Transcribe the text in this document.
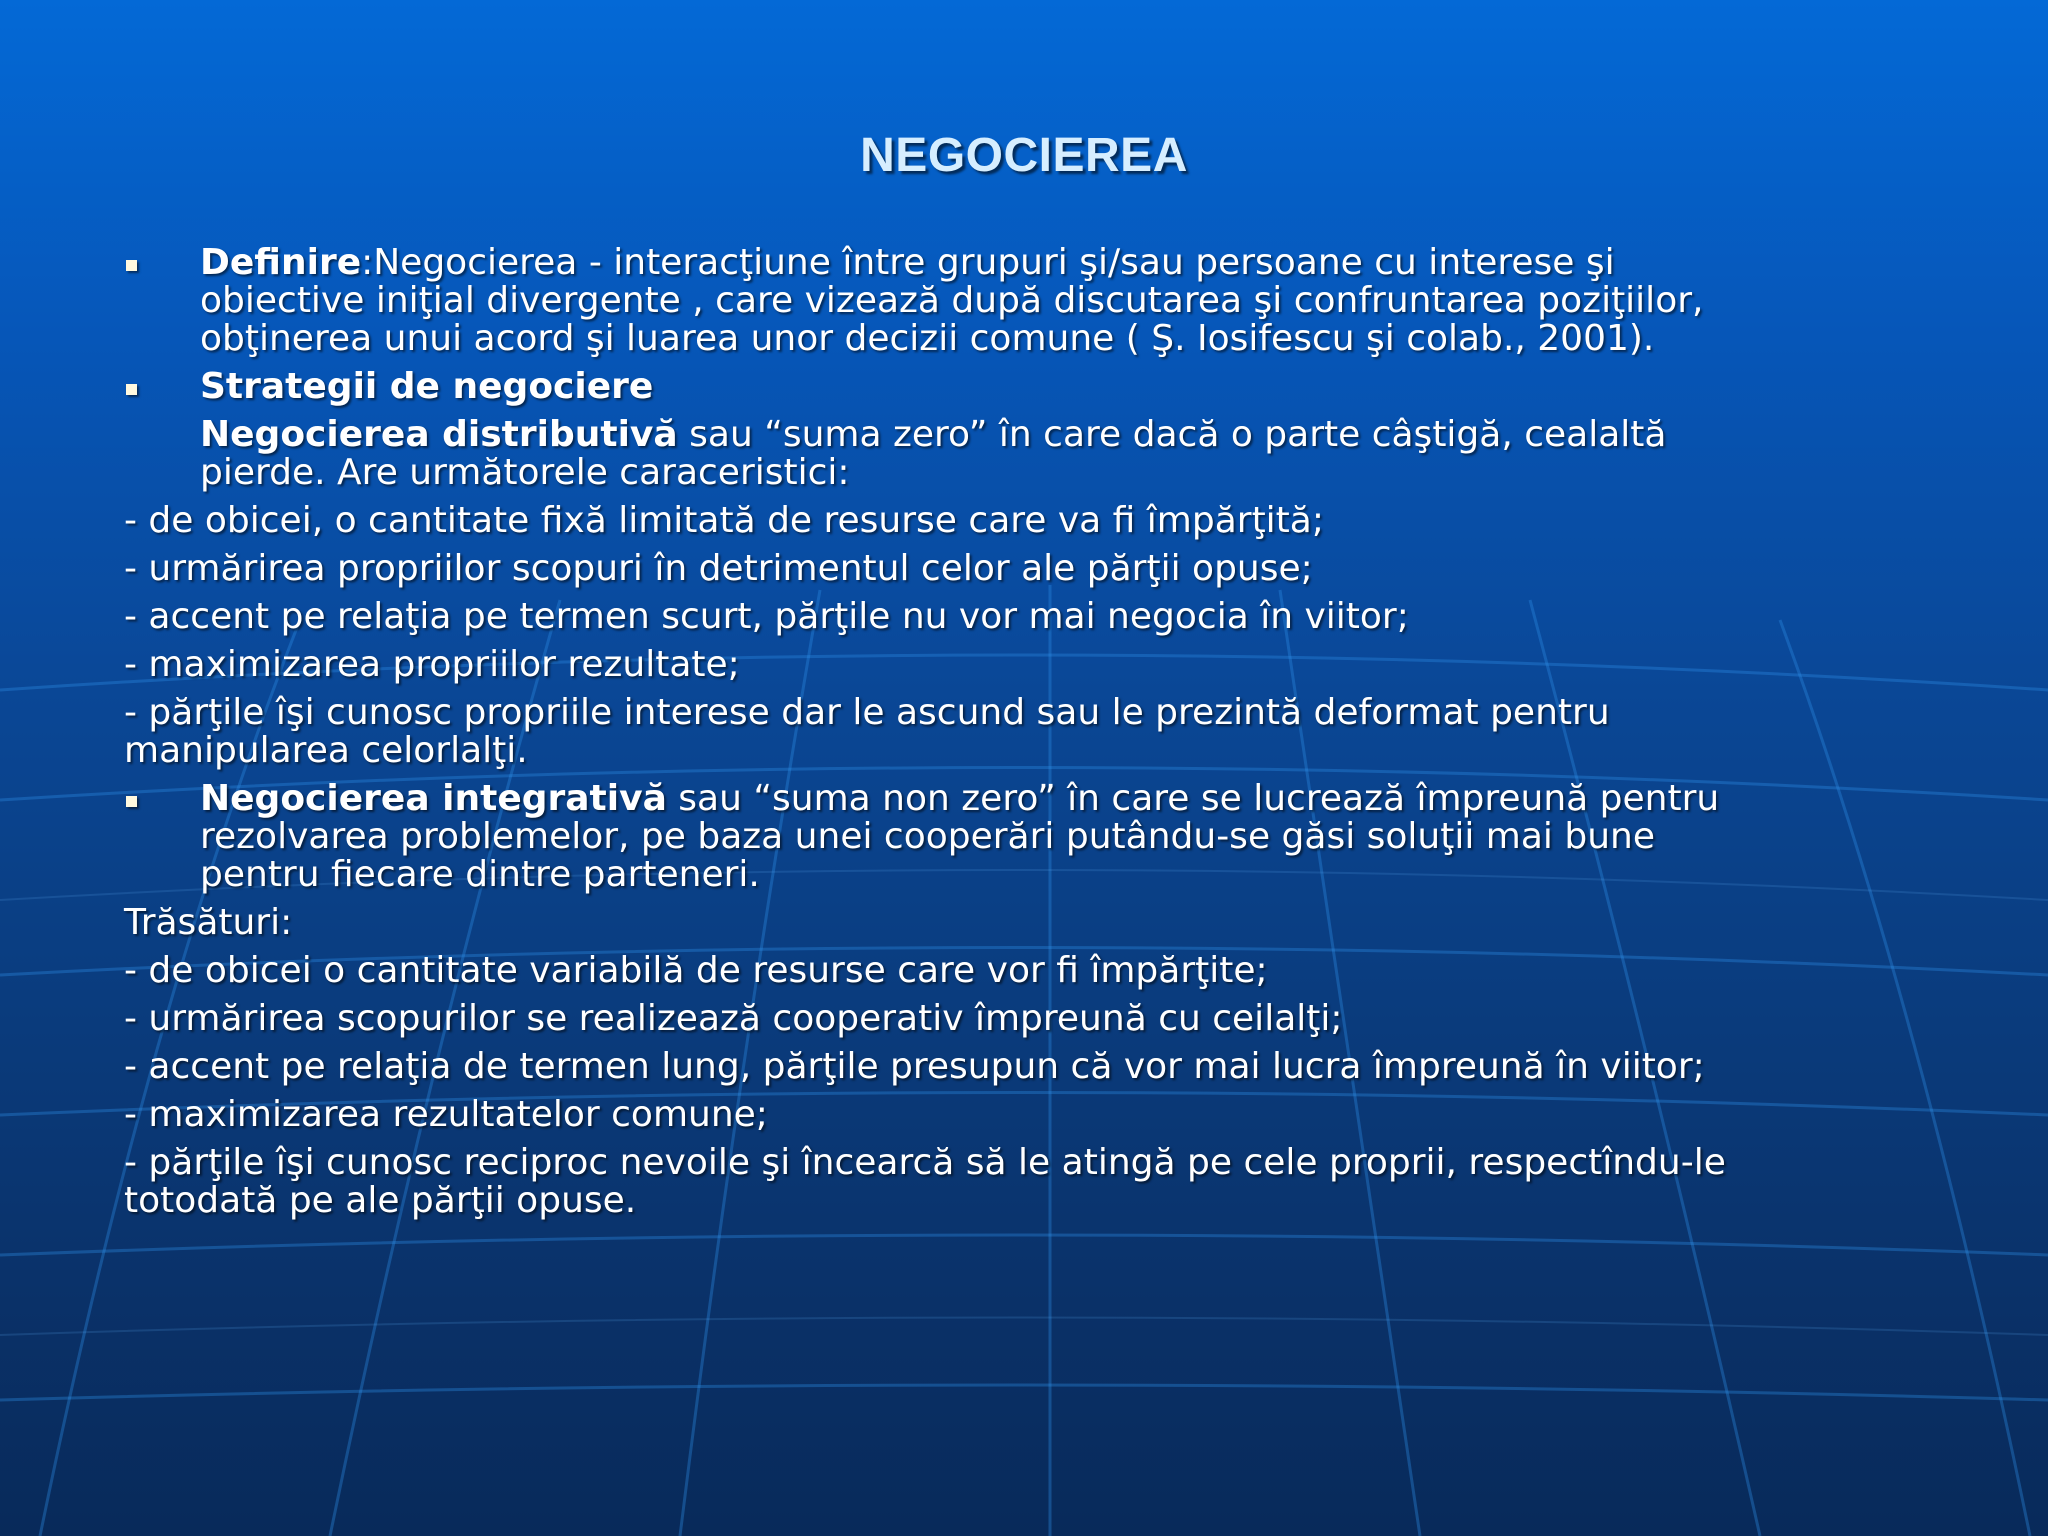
NEGOCIEREA
Definire:Negocierea - interacţiune între grupuri şi/sau persoane cu interese şi
obiective iniţial divergente , care vizează după discutarea şi confruntarea poziţiilor,
obţinerea unui acord şi luarea unor decizii comune ( Ş. Iosifescu şi colab., 2001).
Strategii de negociere
Negocierea distributivă sau “suma zero” în care dacă o parte câştigă, cealaltă
pierde. Are următorele caraceristici:
- de obicei, o cantitate fixă limitată de resurse care va fi împărţită;
- urmărirea propriilor scopuri în detrimentul celor ale părţii opuse;
- accent pe relaţia pe termen scurt, părţile nu vor mai negocia în viitor;
- maximizarea propriilor rezultate;
- părţile îşi cunosc propriile interese dar le ascund sau le prezintă deformat pentru
manipularea celorlalţi.
Negocierea integrativă sau “suma non zero” în care se lucrează împreună pentru
rezolvarea problemelor, pe baza unei cooperări putându-se găsi soluţii mai bune
pentru fiecare dintre parteneri.
Trăsături:
- de obicei o cantitate variabilă de resurse care vor fi împărţite;
- urmărirea scopurilor se realizează cooperativ împreună cu ceilalţi;
- accent pe relaţia de termen lung, părţile presupun că vor mai lucra împreună în viitor;
- maximizarea rezultatelor comune;
- părţile îşi cunosc reciproc nevoile şi încearcă să le atingă pe cele proprii, respectîndu-le
totodată pe ale părţii opuse.
